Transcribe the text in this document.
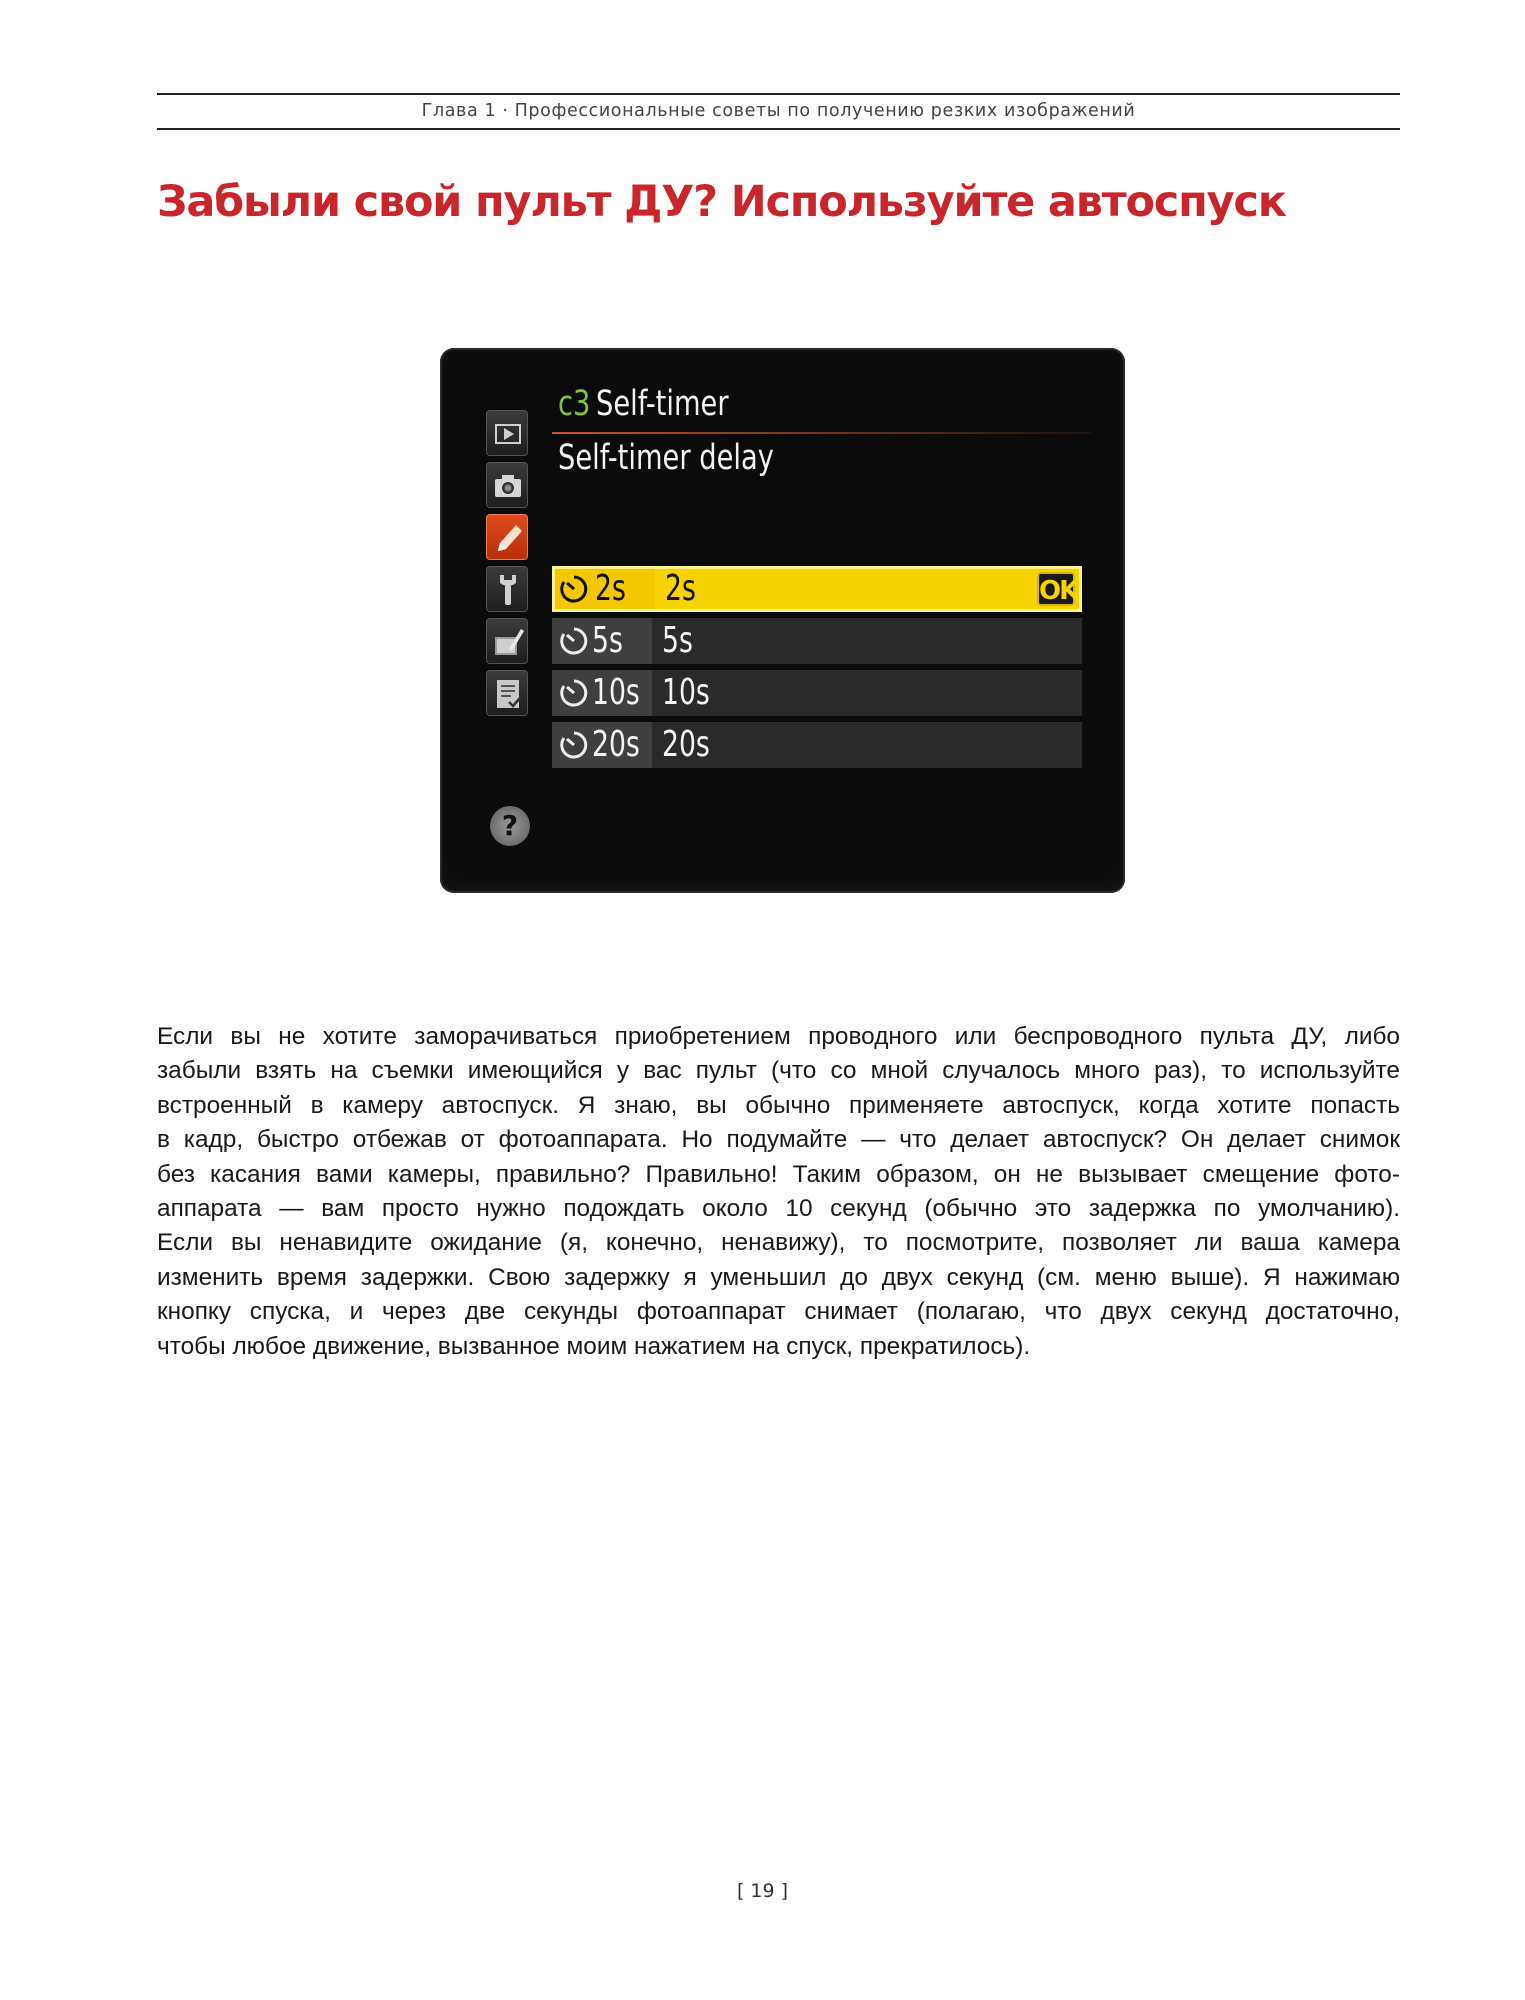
Глава 1 · Профессиональные советы по получению резких изображений
Забыли свой пульт ДУ? Используйте автоспуск
?
c3 Self-timer
Self-timer delay
2s 2s	OK
5s 5s
10s 10s
20s 20s

Если вы не хотите заморачиваться приобретением проводного или беспроводного пульта ДУ, либо
забыли взять на съемки имеющийся у вас пульт (что со мной случалось много раз), то используйте
встроенный в камеру автоспуск. Я знаю, вы обычно применяете автоспуск, когда хотите попасть
в кадр, быстро отбежав от фотоаппарата. Но подумайте — что делает автоспуск? Он делает снимок
без касания вами камеры, правильно? Правильно! Таким образом, он не вызывает смещение фото-
аппарата — вам просто нужно подождать около 10 секунд (обычно это задержка по умолчанию).
Если вы ненавидите ожидание (я, конечно, ненавижу), то посмотрите, позволяет ли ваша камера
изменить время задержки. Свою задержку я уменьшил до двух секунд (см. меню выше). Я нажимаю
кнопку спуска, и через две секунды фотоаппарат снимает (полагаю, что двух секунд достаточно,
чтобы любое движение, вызванное моим нажатием на спуск, прекратилось).

[ 19 ]
